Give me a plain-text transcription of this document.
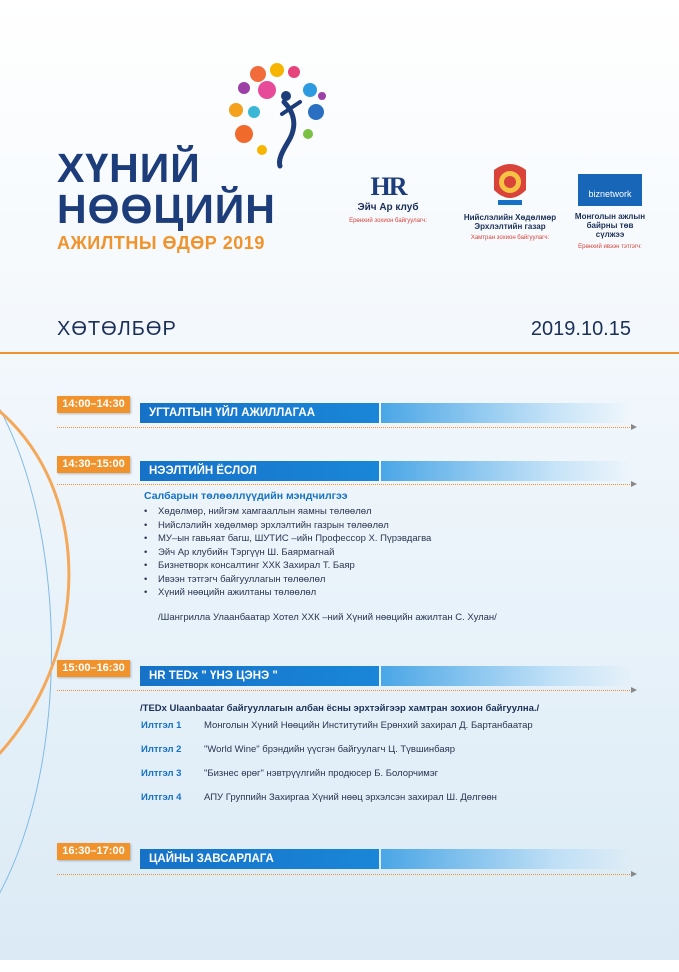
ХҮНИЙ
НӨӨЦИЙН
АЖИЛТНЫ ӨДӨР 2019
HR
Эйч Ар клуб
Ерөнхий зохион байгуулагч:	Нийслэлийн Хөдөлмөр Эрхлэлтийн газар
Хамтран зохион байгуулагч:
biznetwork
Монголын ажлын байрны төв сүлжээ
Ерөнхий ивээн тэтгэгч:
ХӨТӨЛБӨР	2019.10.15
14:00–14:30
УГТАЛТЫН ҮЙЛ АЖИЛЛАГАА
14:30–15:00
НЭЭЛТИЙН ЁСЛОЛ
Салбарын төлөөллүүдийн мэндчилгээ
• Хөдөлмөр, нийгэм хамгааллын яамны төлөөлөл
• Нийслэлийн хөдөлмөр эрхлэлтийн газрын төлөөлөл
• МУ–ын гавьяат багш, ШУТИС –ийн Профессор Х. Пүрэвдагва
• Эйч Ар клубийн Тэргүүн Ш. Баярмагнай
• Бизнетворк консалтинг ХХК Захирал Т. Баяр
• Ивээн тэтгэгч байгууллагын төлөөлөл
• Хүний нөөцийн ажилтаны төлөөлөл
/Шангрилла Улаанбаатар Хотел ХХК –ний Хүний нөөцийн ажилтан С. Хулан/
15:00–16:30
HR TEDx " ҮНЭ ЦЭНЭ "
/TEDx Ulaanbaatar байгууллагын албан ёсны эрхтэйгээр хамтран зохион байгуулна./
Илтгэл 1 Монголын Хүний Нөөцийн Институтийн Ерөнхий захирал Д. Бартанбаатар
Илтгэл 2 "World Wine" брэндийн үүсгэн байгуулагч Ц. Түвшинбаяр
Илтгэл 3 "Бизнес өрөг" нэвтрүүлгийн продюсер Б. Болорчимэг
Илтгэл 4 АПУ Группийн Захиргаа Хүний нөөц эрхэлсэн захирал Ш. Дөлгөөн
16:30–17:00
ЦАЙНЫ ЗАВСАРЛАГА
